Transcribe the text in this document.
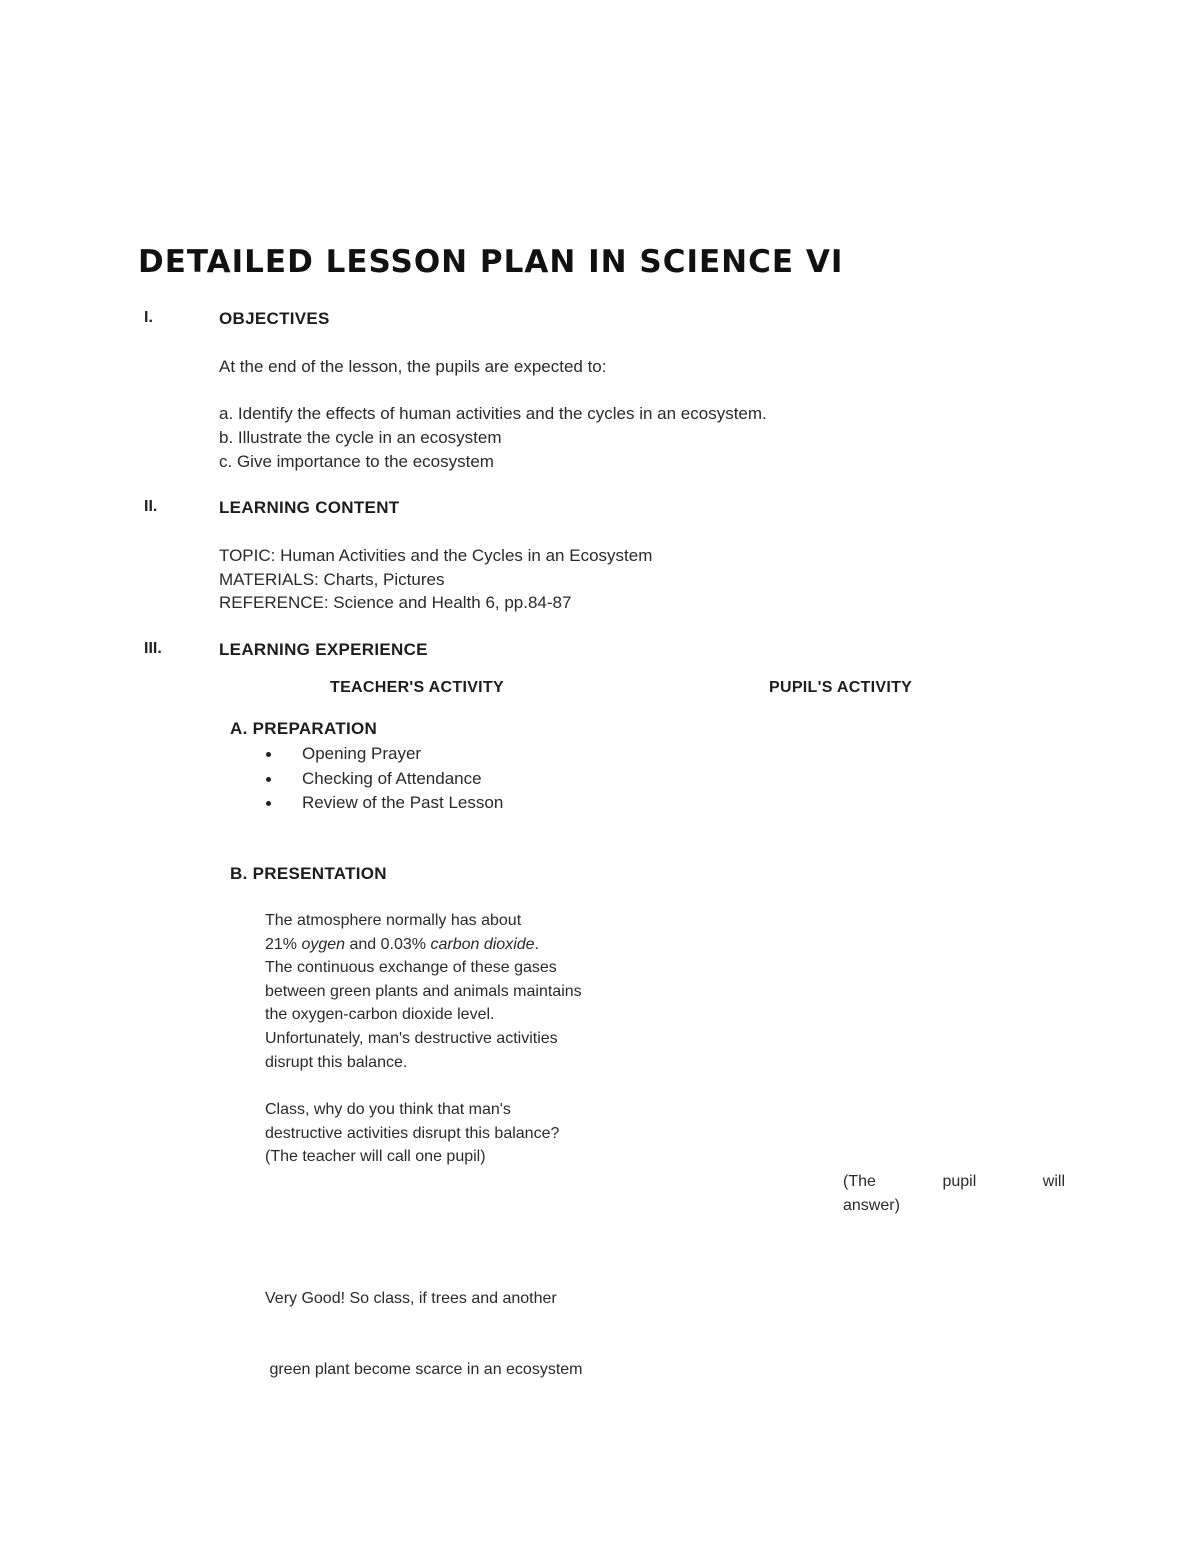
DETAILED LESSON PLAN IN SCIENCE VI
I.	OBJECTIVES
At the end of the lesson, the pupils are expected to:
a. Identify the effects of human activities and the cycles in an ecosystem.
b. Illustrate the cycle in an ecosystem
c. Give importance to the ecosystem
II.	LEARNING CONTENT
TOPIC: Human Activities and the Cycles in an Ecosystem
MATERIALS: Charts, Pictures
REFERENCE: Science and Health 6, pp.84-87
III.	LEARNING EXPERIENCE
TEACHER'S ACTIVITY	PUPIL'S ACTIVITY
A. PREPARATION
Opening Prayer
Checking of Attendance
Review of the Past Lesson
B. PRESENTATION
The atmosphere normally has about
21% oygen and 0.03% carbon dioxide.
The continuous exchange of these gases
between green plants and animals maintains
the oxygen-carbon dioxide level.
Unfortunately, man's destructive activities
disrupt this balance.
Class, why do you think that man's
destructive activities disrupt this balance?
(The teacher will call one pupil)
(The	pupil	will
answer)

Very Good! So class, if trees and another

green plant become scarce in an ecosystem
